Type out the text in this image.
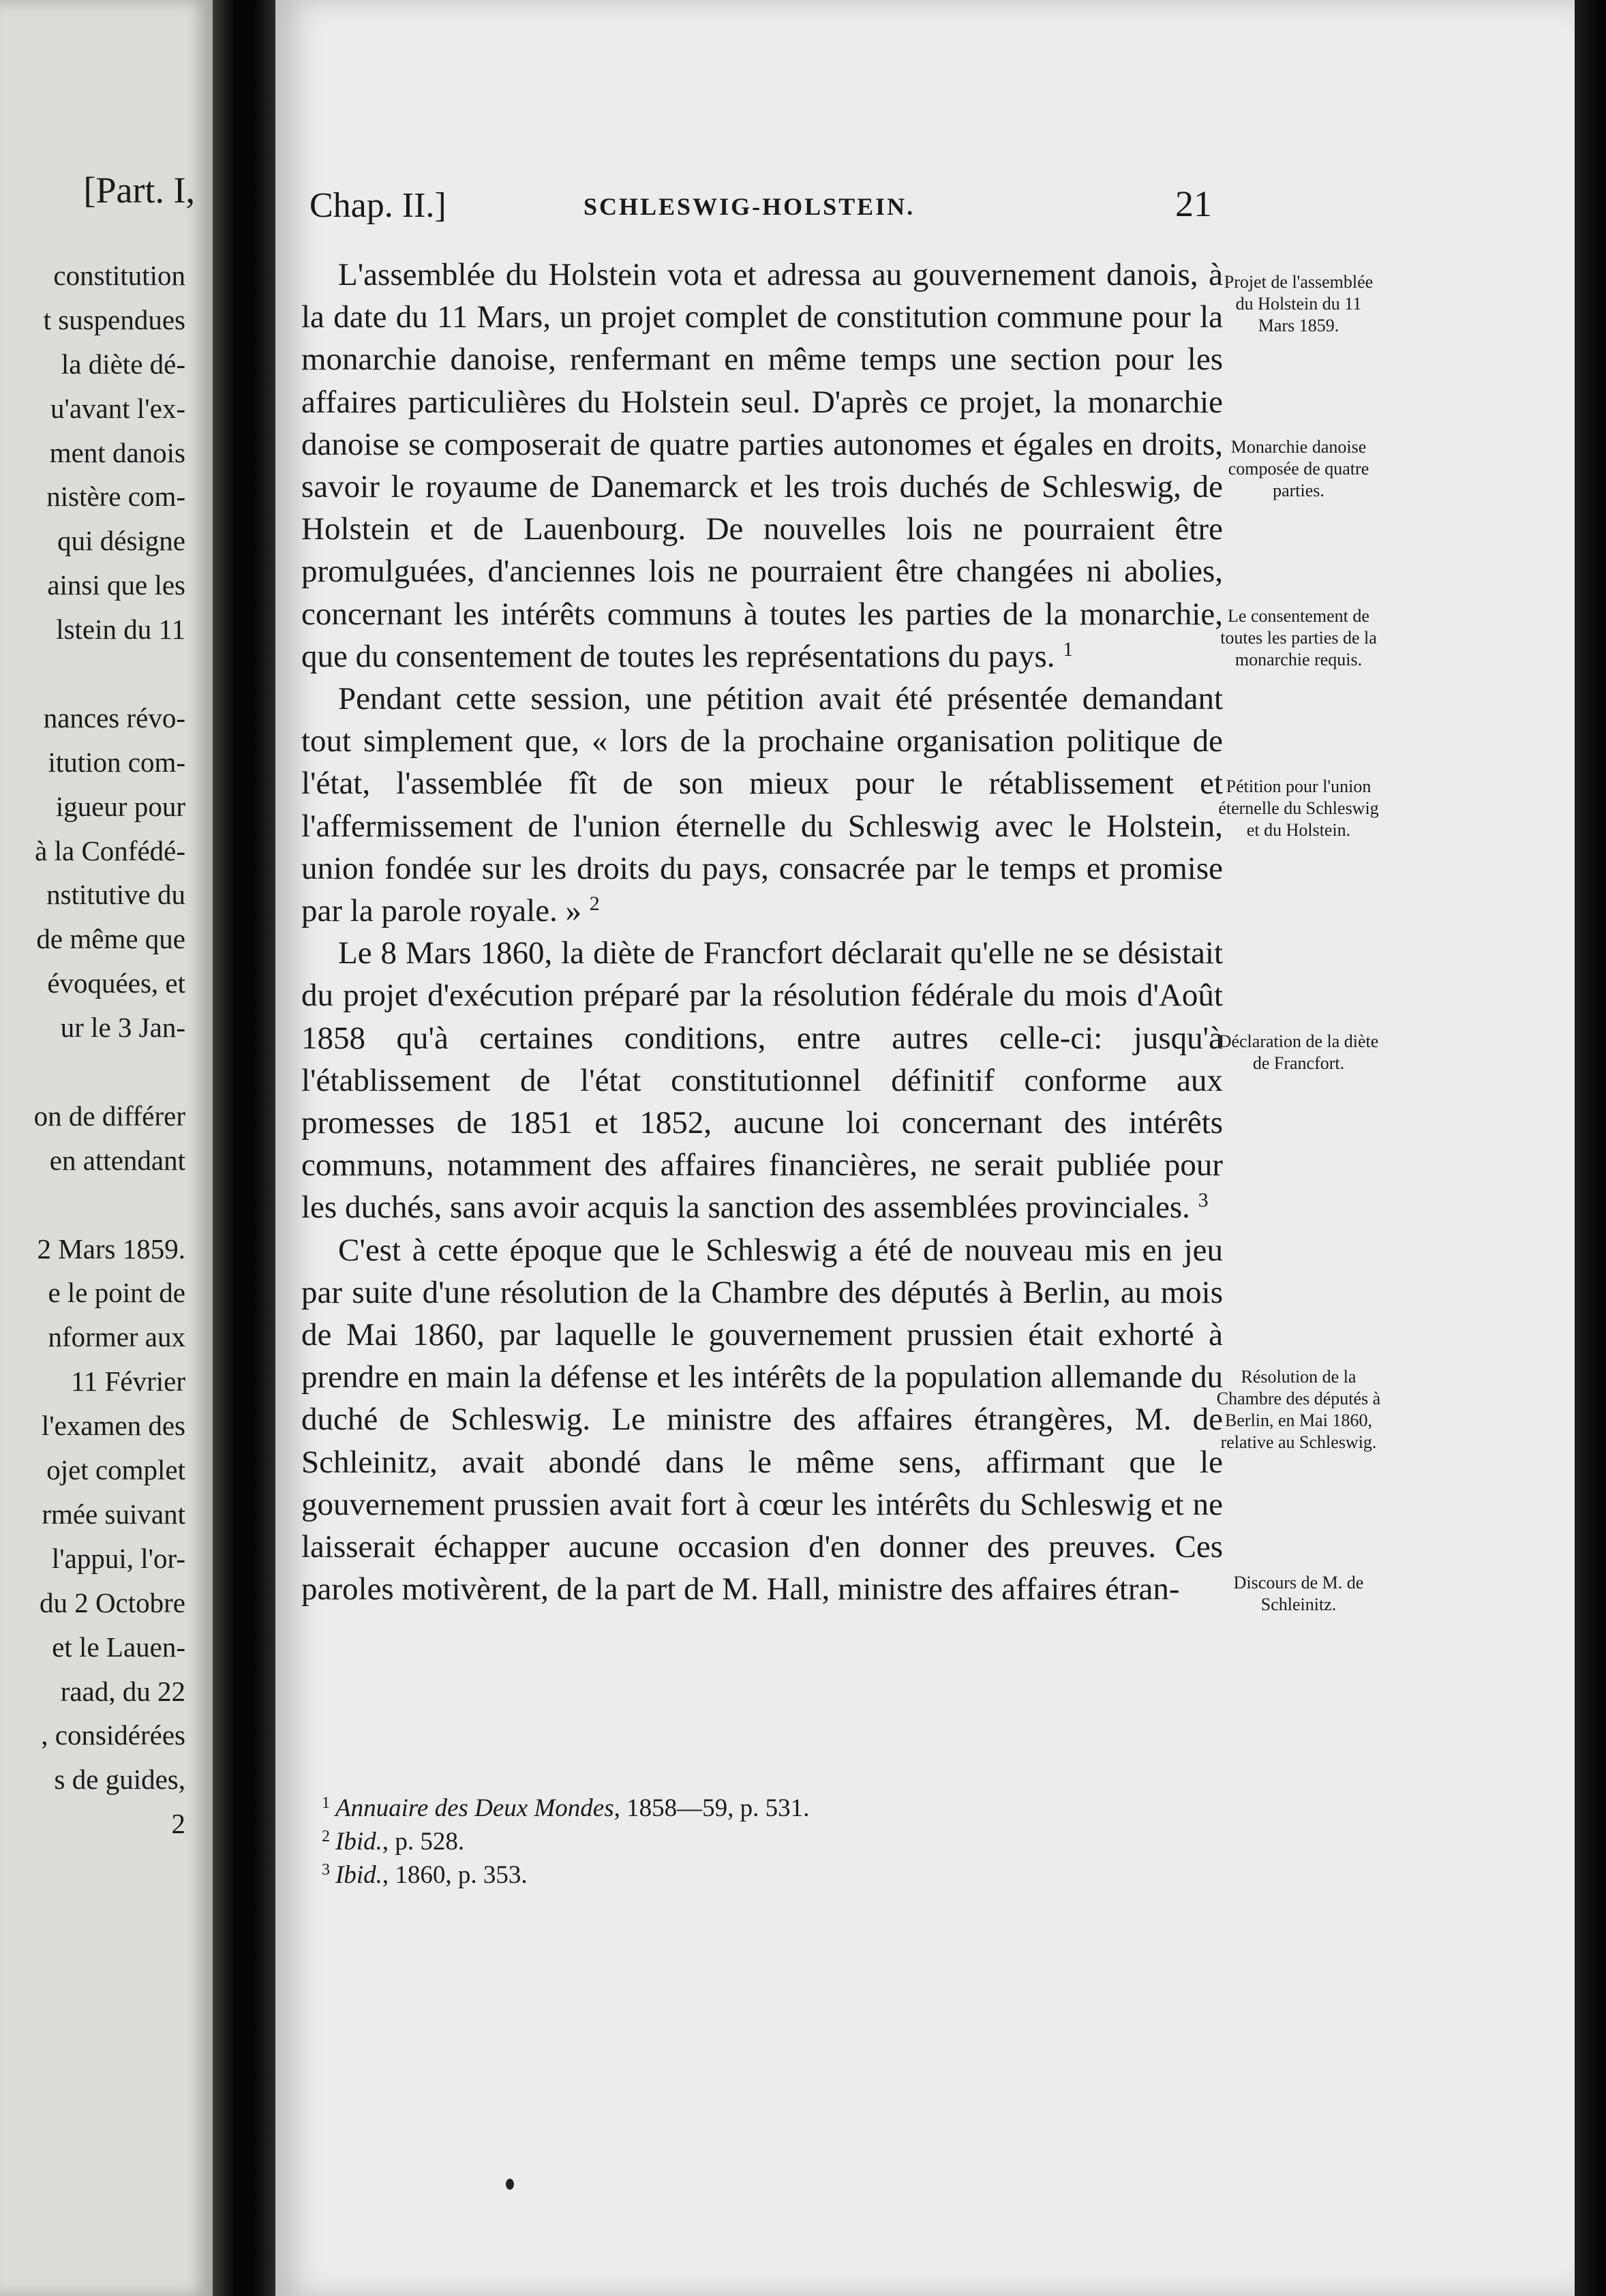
[Part. I,
constitution
t suspendues
la diète dé-
u'avant l'ex-
ment danois
nistère com-
qui désigne
ainsi que les
lstein du 11
nances révo-
itution com-
igueur pour
à la Confédé-
nstitutive du
de même que
évoquées, et
ur le 3 Jan-
on de différer
en attendant
2 Mars 1859.
e le point de
nformer aux
11 Février
l'examen des
ojet complet
rmée suivant
l'appui, l'or-
du 2 Octobre
et le Lauen-
raad, du 22
, considérées
s de guides,
2
Chap. II.]	SCHLESWIG-HOLSTEIN.	21

L'assemblée du Holstein vota et adressa au gouvernement danois, à la date du 11 Mars, un projet complet de constitution commune pour la monarchie danoise, renfermant en même temps une section pour les affaires particulières du Holstein seul. D'après ce projet, la monarchie danoise se composerait de quatre parties autonomes et égales en droits, savoir le royaume de Danemarck et les trois duchés de Schleswig, de Holstein et de Lauenbourg. De nouvelles lois ne pourraient être promulguées, d'anciennes lois ne pourraient être changées ni abolies, concernant les intérêts communs à toutes les parties de la monarchie, que du consentement de toutes les représentations du pays. $^1$

Pendant cette session, une pétition avait été présentée demandant tout simplement que, « lors de la prochaine organisation politique de l'état, l'assemblée fît de son mieux pour le rétablissement et l'affermissement de l'union éternelle du Schleswig avec le Holstein, union fondée sur les droits du pays, consacrée par le temps et promise par la parole royale. » $^2$

Le 8 Mars 1860, la diète de Francfort déclarait qu'elle ne se désistait du projet d'exécution préparé par la résolution fédérale du mois d'Août 1858 qu'à certaines conditions, entre autres celle-ci: jusqu'à l'établissement de l'état constitutionnel définitif conforme aux promesses de 1851 et 1852, aucune loi concernant des intérêts communs, notamment des affaires financières, ne serait publiée pour les duchés, sans avoir acquis la sanction des assemblées provinciales. $^3$

C'est à cette époque que le Schleswig a été de nouveau mis en jeu par suite d'une résolution de la Chambre des députés à Berlin, au mois de Mai 1860, par laquelle le gouvernement prussien était exhorté à prendre en main la défense et les intérêts de la population allemande du duché de Schleswig. Le ministre des affaires étrangères, M. de Schleinitz, avait abondé dans le même sens, affirmant que le gouvernement prussien avait fort à cœur les intérêts du Schleswig et ne laisserait échapper aucune occasion d'en donner des preuves. Ces paroles motivèrent, de la part de M. Hall, ministre des affaires étran-

Projet de l'assemblée du Holstein du 11 Mars 1859.
Monarchie danoise composée de quatre parties.
Le consentement de toutes les parties de la monarchie requis.
Pétition pour l'union éternelle du Schleswig et du Holstein.
Déclaration de la diète de Francfort.
Résolution de la Chambre des députés à Berlin, en Mai 1860, relative au Schleswig.
Discours de M. de Schleinitz.
$^1$ Annuaire des Deux Mondes, 1858—59, p. 531.
$^2$ Ibid., p. 528.
$^3$ Ibid., 1860, p. 353.
